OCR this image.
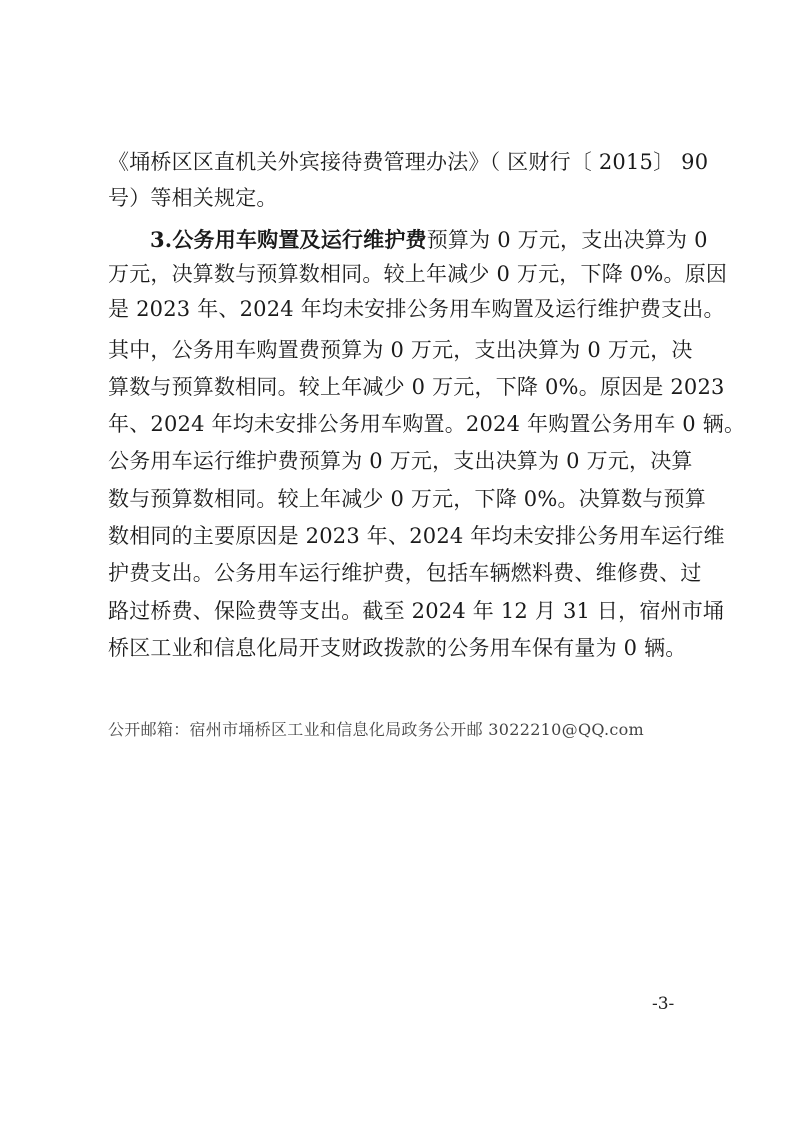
《埇桥区区直机关外宾接待费管理办法》（ 区财行〔 2015〕 90
号）等相关规定。
3.公务用车购置及运行维护费预算为 0 万元，支出决算为 0
万元，决算数与预算数相同。较上年减少 0 万元，下降 0%。原因
是 2023 年、2024 年均未安排公务用车购置及运行维护费支出。
其中，公务用车购置费预算为 0 万元，支出决算为 0 万元，决
算数与预算数相同。较上年减少 0 万元，下降 0%。原因是 2023
年、2024 年均未安排公务用车购置。2024 年购置公务用车 0 辆。
公务用车运行维护费预算为 0 万元，支出决算为 0 万元，决算
数与预算数相同。较上年减少 0 万元，下降 0%。决算数与预算
数相同的主要原因是 2023 年、2024 年均未安排公务用车运行维
护费支出。公务用车运行维护费，包括车辆燃料费、维修费、过
路过桥费、保险费等支出。截至 2024 年 12 月 31 日，宿州市埇
桥区工业和信息化局开支财政拨款的公务用车保有量为 0 辆。
公开邮箱：宿州市埇桥区工业和信息化局政务公开邮 3022210@QQ.com
-3-
